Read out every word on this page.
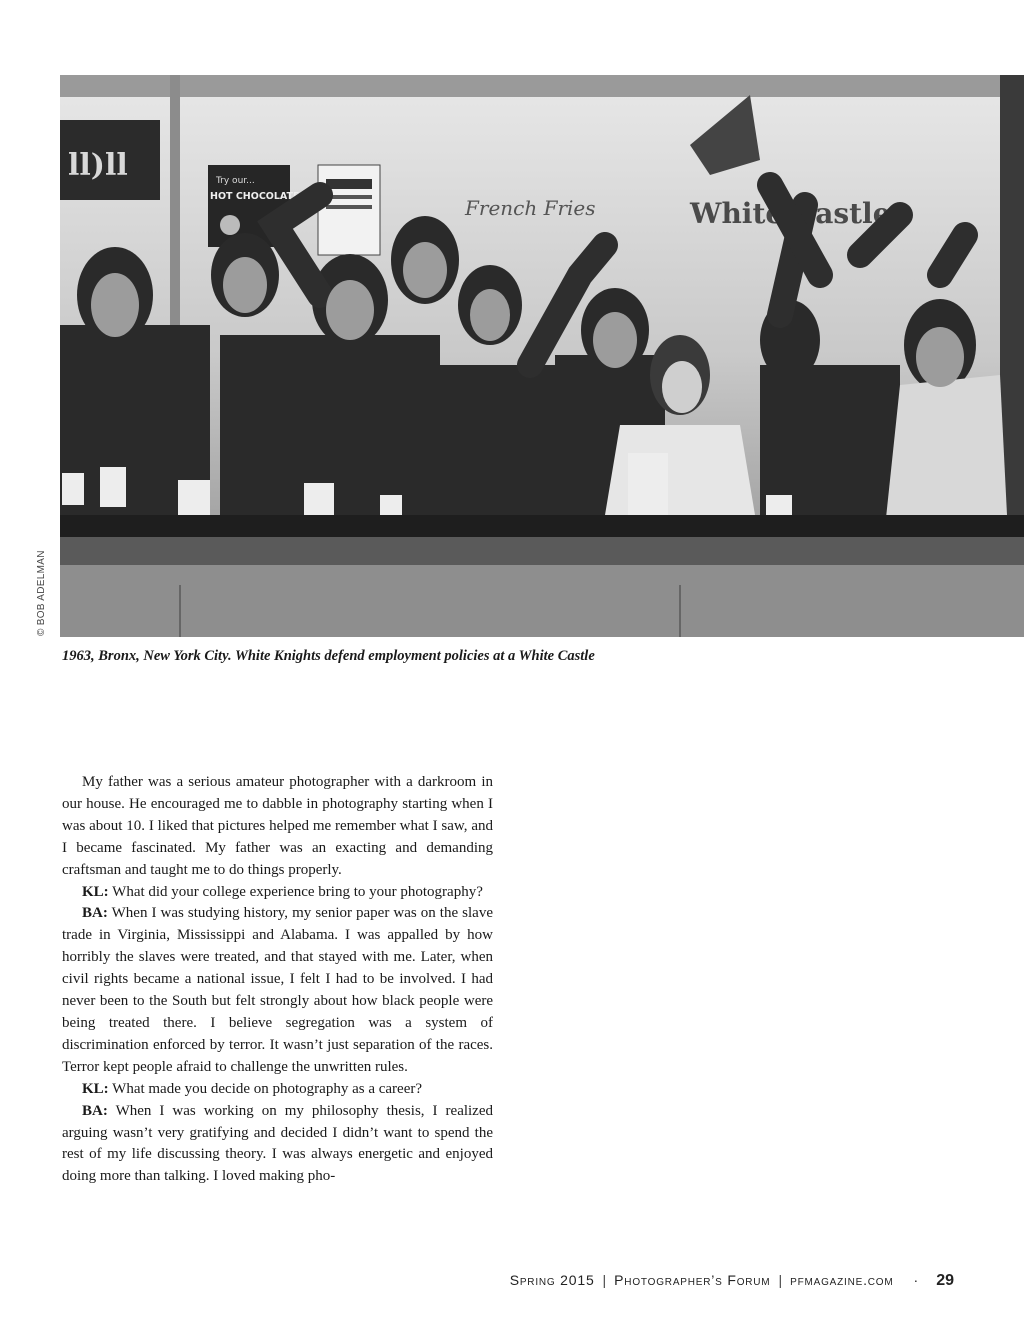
ll)ll	Try our...
HOT CHOCOLATE	French Fries	White Castle
© BOB ADELMAN
1963, Bronx, New York City. White Knights defend employment policies at a White Castle

My father was a serious amateur photographer with a darkroom in our house. He encouraged me to dabble in photography starting when I was about 10. I liked that pictures helped me remember what I saw, and I became fascinated. My father was an exacting and demanding craftsman and taught me to do things properly.

KL: What did your college experience bring to your photography?

BA: When I was studying history, my senior paper was on the slave trade in Virginia, Mississippi and Alabama. I was appalled by how horribly the slaves were treated, and that stayed with me. Later, when civil rights became a national issue, I felt I had to be involved. I had never been to the South but felt strongly about how black people were being treated there. I believe segregation was a system of discrimination enforced by terror. It wasn’t just separation of the races. Terror kept people afraid to challenge the unwritten rules.

KL: What made you decide on photography as a career?

BA: When I was working on my philosophy thesis, I realized arguing wasn’t very gratifying and decided I didn’t want to spend the rest of my life discussing theory. I was always energetic and enjoyed doing more than talking. I loved making pho-

Spring 2015 | Photographer’s Forum | pfmagazine.com · 29
